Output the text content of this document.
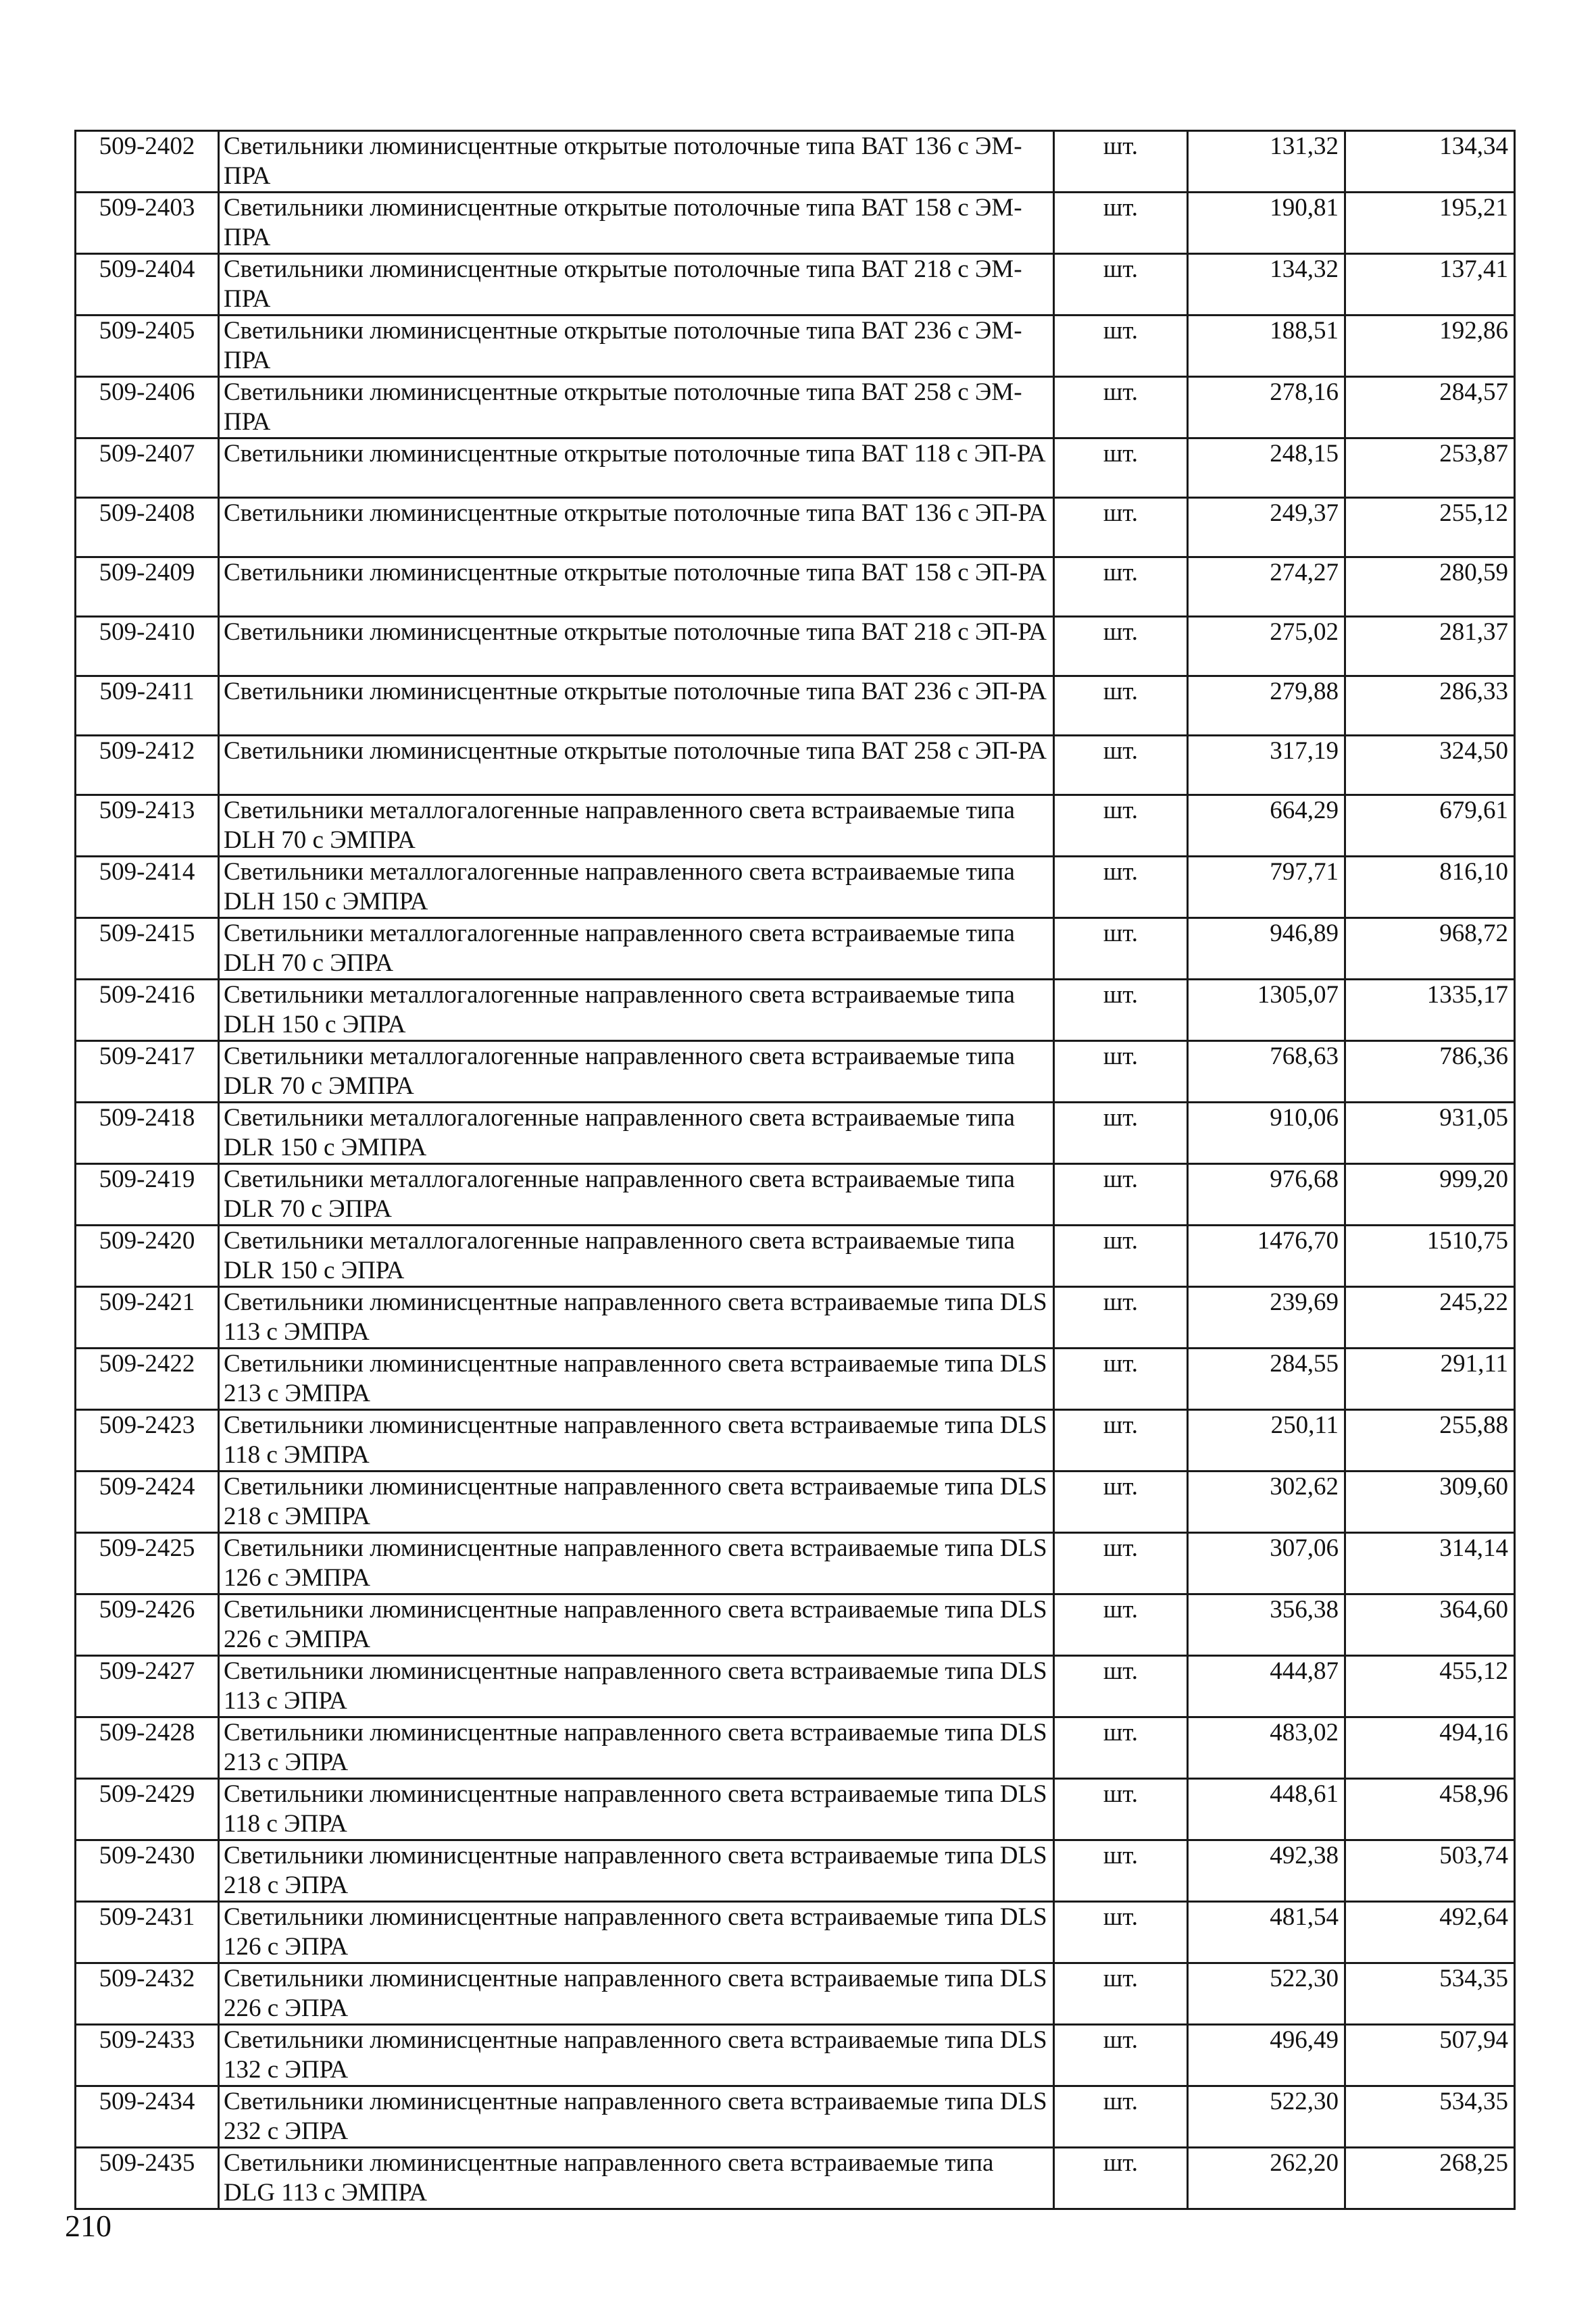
509-2402	Светильники люминисцентные открытые потолочные типа ВАТ 136 с ЭМ-ПРА	шт.	131,32	134,34
509-2403	Светильники люминисцентные открытые потолочные типа ВАТ 158 с ЭМ-ПРА	шт.	190,81	195,21
509-2404	Светильники люминисцентные открытые потолочные типа ВАТ 218 с ЭМ-ПРА	шт.	134,32	137,41
509-2405	Светильники люминисцентные открытые потолочные типа ВАТ 236 с ЭМ-ПРА	шт.	188,51	192,86
509-2406	Светильники люминисцентные открытые потолочные типа ВАТ 258 с ЭМ-ПРА	шт.	278,16	284,57
509-2407	Светильники люминисцентные открытые потолочные типа ВАТ 118 с ЭП-РА	шт.	248,15	253,87
509-2408	Светильники люминисцентные открытые потолочные типа ВАТ 136 с ЭП-РА	шт.	249,37	255,12
509-2409	Светильники люминисцентные открытые потолочные типа ВАТ 158 с ЭП-РА	шт.	274,27	280,59
509-2410	Светильники люминисцентные открытые потолочные типа ВАТ 218 с ЭП-РА	шт.	275,02	281,37
509-2411	Светильники люминисцентные открытые потолочные типа ВАТ 236 с ЭП-РА	шт.	279,88	286,33
509-2412	Светильники люминисцентные открытые потолочные типа ВАТ 258 с ЭП-РА	шт.	317,19	324,50
509-2413	Светильники металлогалогенные направленного света встраиваемые типа DLH 70 с ЭМПРА	шт.	664,29	679,61
509-2414	Светильники металлогалогенные направленного света встраиваемые типа DLH 150 с ЭМПРА	шт.	797,71	816,10
509-2415	Светильники металлогалогенные направленного света встраиваемые типа DLH 70 с ЭПРА	шт.	946,89	968,72
509-2416	Светильники металлогалогенные направленного света встраиваемые типа DLH 150 с ЭПРА	шт.	1305,07	1335,17
509-2417	Светильники металлогалогенные направленного света встраиваемые типа DLR 70 с ЭМПРА	шт.	768,63	786,36
509-2418	Светильники металлогалогенные направленного света встраиваемые типа DLR 150 с ЭМПРА	шт.	910,06	931,05
509-2419	Светильники металлогалогенные направленного света встраиваемые типа DLR 70 с ЭПРА	шт.	976,68	999,20
509-2420	Светильники металлогалогенные направленного света встраиваемые типа DLR 150 с ЭПРА	шт.	1476,70	1510,75
509-2421	Светильники люминисцентные направленного света встраиваемые типа DLS 113 с ЭМПРА	шт.	239,69	245,22
509-2422	Светильники люминисцентные направленного света встраиваемые типа DLS 213 с ЭМПРА	шт.	284,55	291,11
509-2423	Светильники люминисцентные направленного света встраиваемые типа DLS 118 с ЭМПРА	шт.	250,11	255,88
509-2424	Светильники люминисцентные направленного света встраиваемые типа DLS 218 с ЭМПРА	шт.	302,62	309,60
509-2425	Светильники люминисцентные направленного света встраиваемые типа DLS 126 с ЭМПРА	шт.	307,06	314,14
509-2426	Светильники люминисцентные направленного света встраиваемые типа DLS 226 с ЭМПРА	шт.	356,38	364,60
509-2427	Светильники люминисцентные направленного света встраиваемые типа DLS 113 с ЭПРА	шт.	444,87	455,12
509-2428	Светильники люминисцентные направленного света встраиваемые типа DLS 213 с ЭПРА	шт.	483,02	494,16
509-2429	Светильники люминисцентные направленного света встраиваемые типа DLS 118 с ЭПРА	шт.	448,61	458,96
509-2430	Светильники люминисцентные направленного света встраиваемые типа DLS 218 с ЭПРА	шт.	492,38	503,74
509-2431	Светильники люминисцентные направленного света встраиваемые типа DLS 126 с ЭПРА	шт.	481,54	492,64
509-2432	Светильники люминисцентные направленного света встраиваемые типа DLS 226 с ЭПРА	шт.	522,30	534,35
509-2433	Светильники люминисцентные направленного света встраиваемые типа DLS 132 с ЭПРА	шт.	496,49	507,94
509-2434	Светильники люминисцентные направленного света встраиваемые типа DLS 232 с ЭПРА	шт.	522,30	534,35
509-2435	Светильники люминисцентные направленного света встраиваемые типа DLG 113 с ЭМПРА	шт.	262,20	268,25
210
